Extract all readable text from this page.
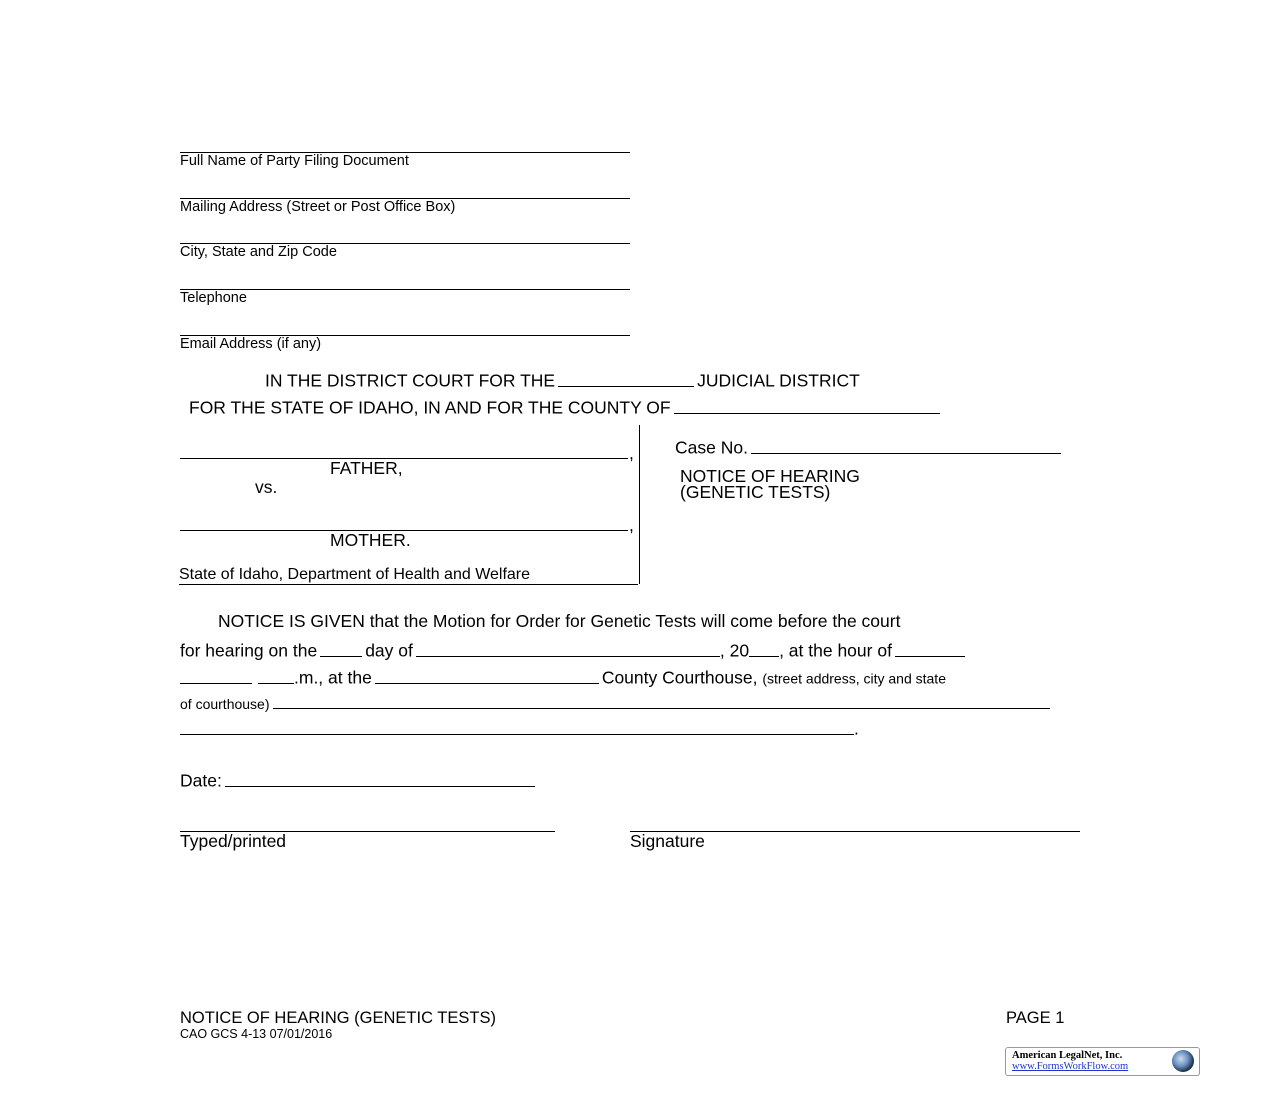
Full Name of Party Filing Document
Mailing Address (Street or Post Office Box)
City, State and Zip Code
Telephone
Email Address (if any)
IN THE DISTRICT COURT FOR THE	JUDICIAL DISTRICT
FOR THE STATE OF IDAHO, IN AND FOR THE COUNTY OF
,
FATHER,
vs.
,
MOTHER.
State of Idaho, Department of Health and Welfare
Case No.
NOTICE OF HEARING
(GENETIC TESTS)
NOTICE IS GIVEN that the Motion for Order for Genetic Tests will come before the court
for hearing on the	day of	, 20 , at the hour of
.m., at the	County Courthouse, (street address, city and state
of courthouse)
.
Date:
Typed/printed	Signature
NOTICE OF HEARING (GENETIC TESTS)	PAGE 1
CAO GCS 4-13 07/01/2016
American LegalNet, Inc.
www.FormsWorkFlow.com
